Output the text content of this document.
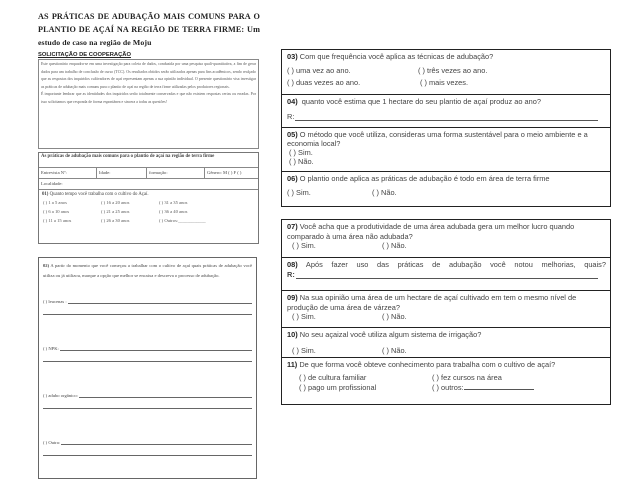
AS PRÁTICAS DE ADUBAÇÃO MAIS COMUNS PARA O
PLANTIO DE AÇAÍ NA REGIÃO DE TERRA FIRME: Um
estudo de caso na região de Moju
SOLICITAÇÃO DE COOPERAÇÃO

Este questionário enquadra-se em uma investigação para coleta de dados, conduzida por uma pesquisa quali-quantitativa, a fim de gerar dados para um trabalho de conclusão de curso (TCC). Os resultados obtidos serão utilizados apenas para fins acadêmicos, sendo realçado que as respostas dos inquiridos cultivadores de açaí representam apenas a sua opinião individual. O presente questionário visa investigar as práticas de adubação mais comuns para o plantio de açaí na região de terra firme utilizadas pelos produtores regionais.

É importante lembrar que as identidades dos inquiridos serão totalmente conservadas e que não existem respostas certas ou erradas. Por isso solicitamos que responda de forma espontânea e sincera a todas as questões!

As práticas de adubação mais comuns para o plantio de açaí na região de terra firme
Entrevista Nº:	Idade:	formação:	Gênero: M ( ) F ( )
Localidade:
01) Quanto tempo você trabalha com o cultivo do Açaí.
( ) 1 a 5 anos	( ) 16 a 20 anos	( ) 31 a 35 anos
( ) 6 a 10 anos	( ) 21 a 25 anos	( ) 36 a 40 anos
( ) 11 a 15 anos	( ) 26 a 30 anos	( ) Outros:____________
02) A partir do momento que você começou a trabalhar com o cultivo de açaí quais práticas de adubação você utiliza ou já utilizou, marque a opção que melhor se encaixa e descreva o processo de adubação.
( ) leucenas :
( ) NPK:
( ) adubo orgânico:
( ) Outra:
03) Com que frequência você aplica as técnicas de adubação?
( ) uma vez ao ano.	( ) três vezes ao ano.
( ) duas vezes ao ano.	( ) mais vezes.
04) quanto você estima que 1 hectare do seu plantio de açaí produz ao ano?
R:
05) O método que você utiliza, consideras uma forma sustentável para o meio ambiente e a economia local?
( ) Sim.
( ) Não.
06) O plantio onde aplica as práticas de adubação é todo em área de terra firme
( ) Sim.	( ) Não.
07) Você acha que a produtividade de uma área adubada gera um melhor lucro quando comparado à uma área não adubada?
( ) Sim.	( ) Não.
08) Após fazer uso das práticas de adubação você notou melhorias, quais?
R:
09) Na sua opinião uma área de um hectare de açaí cultivado em tem o mesmo nível de produção de uma área de várzea?
( ) Sim.	( ) Não.
10) No seu açaizal você utiliza algum sistema de irrigação?
( ) Sim.	( ) Não.
11) De que forma você obteve conhecimento para trabalha com o cultivo de açaí?
( ) de cultura familiar	( ) fez cursos na área
( ) pago um profissional	( ) outros:
